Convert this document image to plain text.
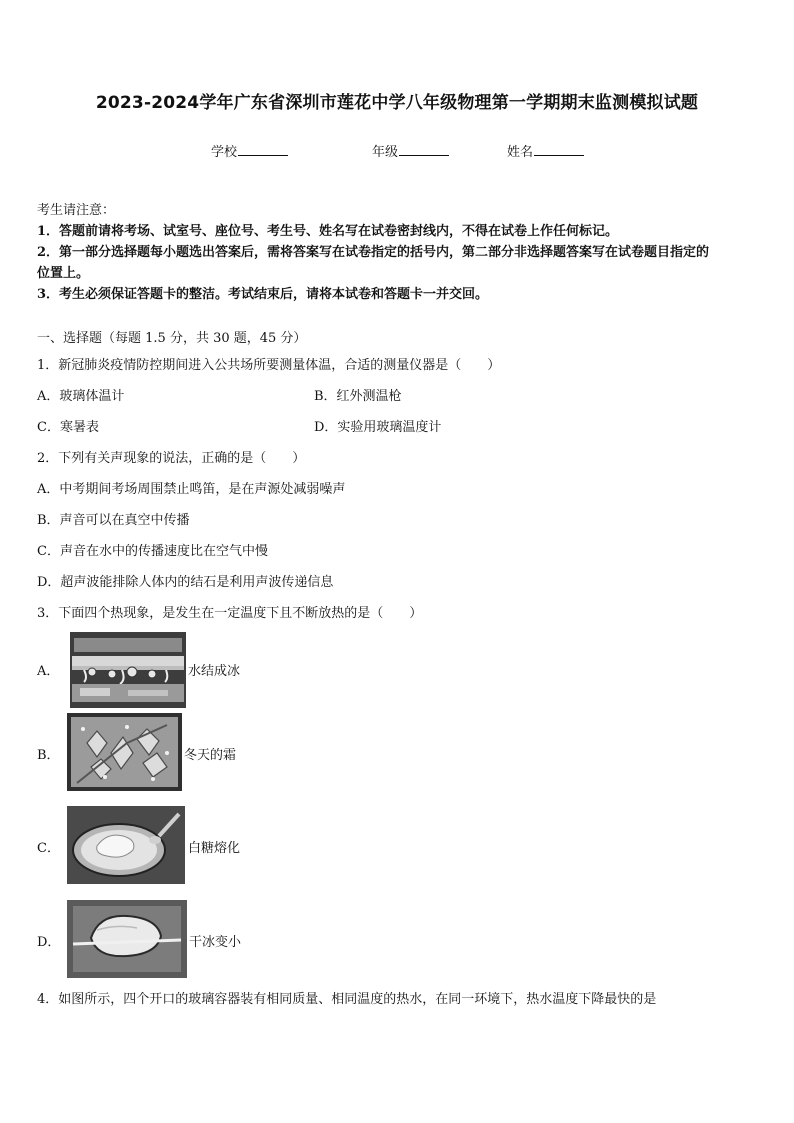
2023-2024学年广东省深圳市莲花中学八年级物理第一学期期末监测模拟试题
学校	年级	姓名

考生请注意：

1．答题前请将考场、试室号、座位号、考生号、姓名写在试卷密封线内，不得在试卷上作任何标记。

2．第一部分选择题每小题选出答案后，需将答案写在试卷指定的括号内，第二部分非选择题答案写在试卷题目指定的

位置上。

3．考生必须保证答题卡的整洁。考试结束后，请将本试卷和答题卡一并交回。

一、选择题（每题 1.5 分，共 30 题，45 分）
1．新冠肺炎疫情防控期间进入公共场所要测量体温，合适的测量仪器是（　　）
A．玻璃体温计	B．红外测温枪
C．寒暑表	D．实验用玻璃温度计
2．下列有关声现象的说法，正确的是（　　）
A．中考期间考场周围禁止鸣笛，是在声源处减弱噪声
B．声音可以在真空中传播
C．声音在水中的传播速度比在空气中慢
D．超声波能排除人体内的结石是利用声波传递信息
3．下面四个热现象，是发生在一定温度下且不断放热的是（　　）
A．	水结成冰
B．	冬天的霜
C．	白糖熔化
D．	干冰变小
4．如图所示，四个开口的玻璃容器装有相同质量、相同温度的热水，在同一环境下，热水温度下降最快的是
